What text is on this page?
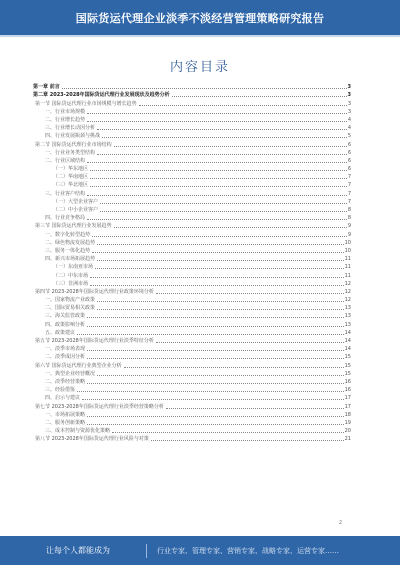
国际货运代理企业淡季不淡经营管理策略研究报告
内容目录
第一章 前言	3
第二章 2023-2028年国际货运代理行业发展现状及趋势分析	3
第一节 国际货运代理行业市场规模与增长趋势	3
一、行业市场规模	3
二、行业增长趋势	4
三、行业增长动因分析	4
四、行业发展瓶颈与挑战	5
第二节 国际货运代理行业市场结构	6
一、行业业务类型结构	6
二、行业区域结构	6
（一）华东地区	6
（二）华南地区	7
（三）华北地区	7
三、行业客户结构	7
（一）大型企业客户	7
（二）中小企业客户	8
四、行业竞争格局	8
第三节 国际货运代理行业发展趋势	9
一、数字化转型趋势	9
二、绿色物流发展趋势	10
三、服务一体化趋势	10
四、新兴市场拓展趋势	11
（一）东南亚市场	11
（二）中东市场	11
（三）非洲市场	12
第四节 2023-2028年国际货运代理行业政策环境分析	12
一、国家物流产业政策	12
二、国际贸易相关政策	13
三、海关监管政策	13
四、政策影响分析	13
五、政策建议	14
第五节 2023-2028年国际货运代理行业淡季特征分析	14
一、淡季市场表现	14
二、淡季成因分析	15
第六节 国际货运代理行业典型企业分析	15
一、典型企业经营概况	15
二、淡季经营策略	16
三、经验借鉴	16
四、启示与建议	17
第七节 2023-2028年国际货运代理行业淡季经营策略分析	17
一、市场拓展策略	18
二、服务创新策略	19
三、成本控制与资源优化策略	20
第八节 2023-2028年国际货运代理行业风险与对策	21
2
让每个人都能成为	行业专家、管理专家、营销专家、战略专家、运营专家……
